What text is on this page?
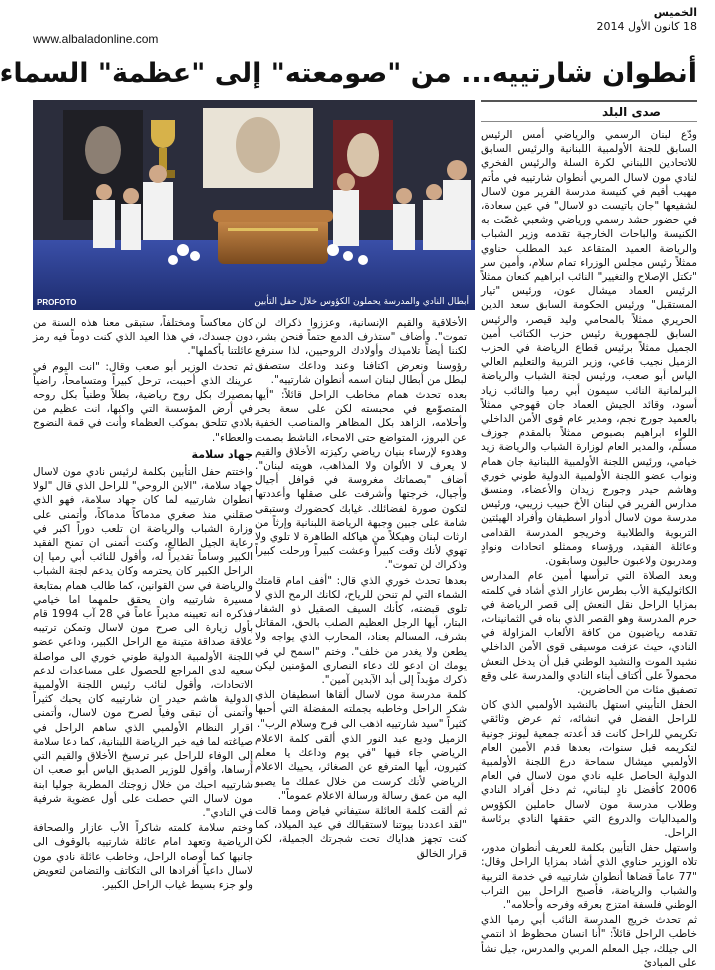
الخميس
18 كانون الأول 2014
www.albaladonline.com
أنطوان شارتييه... من "صومعته" إلى "عظمة" السماء
صدى البلد
PROFOTO	أبطال النادي والمدرسة يحملون الكؤوس خلال حفل التأبين

ودّع لبنان الرسمي والرياضي أمس الرئيس السابق للجنة الأولمبية اللبنانية والرئيس السابق للاتحادين اللبناني لكرة السلة والرئيس الفخري لنادي مون لاسال المربي أنطوان شارتييه في مأتم مهيب أقيم في كنيسة مدرسة الفرير مون لاسال لشفيعها "جان باتيست دو لاسال" في عين سعادة، في حضور حشد رسمي ورياضي وشعبي غصّت به الكنيسة والباحات الخارجية تقدمه وزير الشباب والرياضة العميد المتقاعد عبد المطلب حناوي ممثلاً رئيس مجلس الوزراء تمام سلام، وأمين سر "تكتل الإصلاح والتغيير" النائب ابراهيم كنعان ممثلاً الرئيس العماد ميشال عون، ورئيس "تيار المستقبل" ورئيس الحكومة السابق سعد الدين الحريري ممثلاً بالمحامي وليد قيصر، والرئيس السابق للجمهورية رئيس حزب الكتائب أمين الجميل ممثلاً برئيس قطاع الرياضة في الحزب الزميل نجيب قاعي، وزير التربية والتعليم العالي الياس أبو صعب، ورئيس لجنة الشباب والرياضة البرلمانية النائب سيمون أبي رميا والنائب زياد أسود، وقائد الجيش العماد جان قهوجي ممثلاً بالعميد جورج نجم، ومدير عام قوى الأمن الداخلي اللواء ابراهيم بصبوص ممثلاً بالمقدم جوزف مسلّم، والمدير العام لوزارة الشباب والرياضة زيد خيامي، ورئيس اللجنة الأولمبية اللبنانية جان همام ونواب عضو اللجنة الأولمبية الدولية طوني خوري وهاشم حيدر وجورج زيدان والأعضاء، ومنسق مدارس الفرير في لبنان الأخ حبيب زريبي، ورئيس مدرسة مون لاسال أدوار اسطيفان وأفراد الهيئتين التربوية والطلابية وخريجو المدرسة القدامى وعائلة الفقيد، ورؤساء وممثلو اتحادات ونوادٍ ومدربون ولاعبون حاليون وسابقون.

وبعد الصلاة التي ترأسها أمين عام المدارس الكاثوليكية الأب بطرس عازار الذي أشاد في كلمته بمزايا الراحل نقل النعش إلى قصر الرياضة في حرم المدرسة وهو القصر الذي بناه في الثمانينات، تقدمه رياضيون من كافة الألعاب المزاولة في النادي، حيث عزفت موسيقى قوى الأمن الداخلي نشيد الموت والنشيد الوطني قبل أن يدخل النعش محمولاً على أكتاف أبناء النادي والمدرسة على وقع تصفيق مئات من الحاضرين.

الحفل التأبيني استهل بالنشيد الأولمبي الذي كان للراحل الفضل في انشائه، ثم عرض وثائقي تكريمي للراحل كانت قد أعدته جمعية ليونز جونية لتكريمه قبل سنوات، بعدها قدم الأمين العام الأولمبي ميشال سماحة درع اللجنة الأولمبية الدولية الحاصل عليه نادي مون لاسال في العام 2006 كأفضل نادٍ لبناني، ثم دخل أفراد النادي وطلاب مدرسة مون لاسال حاملين الكؤوس والميداليات والدروع التي حققها النادي برئاسة الراحل.

واستهل حفل التأبين بكلمة للعريف أنطوان مدور، تلاه الوزير حناوي الذي أشاد بمزايا الراحل وقال: "77 عاماً قضاها أنطوان شارتييه في خدمة التربية والشباب والرياضة، فأصبح الراحل بين التراب الوطني فلسفة امتزج بعرقه وفرحه وأحلامه".

ثم تحدث خريج المدرسة النائب أبي رميا الذي خاطب الراحل قائلاً: "أنا انسان محظوظ اذ انتمي الى جيلك، جيل المعلم المربي والمدرس، جيل نشأ على المبادئ

الأخلاقية والقيم الإنسانية، وعززوا ذكراك لن تموت". وأضاف "ستذرف الدمع حتماً فنحن بشر، لكننا أيضاً تلاميذك وأولادك الروحيين، لذا سنرفع رؤوسنا ونعرض اكتافنا وعند وداعك ستصفق لبطل من أبطال لبنان اسمه أنطوان شارتييه".

بعده تحدث همام مخاطب الراحل قائلاً: "أيها المتصوّمع في محبسته لكن على سعة بحر وأحلامه، الزاهد بكل المظاهر والمناصب الخفية عن البروز، المتواضع حتى الامحاء، الناشط بصمت وهدوء لإرساء بنيان رياضي ركيزته الأخلاق والقيم لا يعرف لا الألوان ولا المذاهب، هويته لبنان". أضاف "بصماتك مغروسة في قوافل أجيال وأجيال، خرجتها وأشرفت على صقلها وأعددتها لتكون صورة لفضائلك. غيابك كحضورك وستبقى شامة على جبين وجبهة الرياضة اللبنانية وإرثاً من ارثات لبنان وهيكلاً من هياكله الطاهرة لا تلوي ولا تهوي لأنك وقت كبيراً وعشت كبيراً ورحلت كبيراً وذكراك لن تموت".

بعدها تحدث خوري الذي قال: "أفف امام قامتك الشماء التي لم تنحن للرياح، لكانك الرمح الذي لا تلوى قبضته، كأنك السيف الصقيل ذو الشفار البتار، أيها الرجل العظيم الصلب بالحق، المقاتل بشرف، المسالم بعناد، المحارب الذي يواجه ولا يطعن ولا يغدر من خلف". وختم "اسمح لي في يومك ان ادعو لك دعاء النصارى المؤمنين ليكن ذكرك مؤبداً إلى أبد الآبدين آمين".

كلمة مدرسة مون لاسال ألقاها اسطيفان الذي شكر الراحل وخاطبه بجملته المفضلة التي أحبها كثيراً "سيد شارتييه اذهب الى فرح وسلام الرب".

الزميل وديع عبد النور الذي ألقى كلمة الاعلام الرياضي جاء فيها "في يوم وداعك يا معلم كثيرون، أيها المترفع عن الصغائر، يحييك الاعلام الرياضي لأنك كرست من خلال عملك ما يصبو اليه من عمق رسالة ورسالة الاعلام عموماً".

ثم ألقت كلمة العائلة ستيفاني فياض ومما قالت "لقد اعددنا بيوتنا لاستقبالك في عيد الميلاد، كما كنت تجهز هداياك تحت شجرتك الجميلة، لكن قرار الخالق

كان معاكساً ومختلفاً، ستبقى معنا هذه السنة من دون جسدك، في هذا العيد الذي كنت دوماً فيه رمز عائلتنا بأكملها".

ثم تحدث الوزير أبو صعب وقال: "انت اليوم في عرينك الذي أحببت، ترحل كبيراً ومتسامحاً، راضياً بمصيرك بكل روح رياضية، بطلاً وطنياً بكل روحه في أرض المؤسسة التي واكبها، انت عظيم من بلادي تتلحق بموكب العظماء وأنت في قمة النضوج والعطاء".

جهاد سلامة

واختتم حفل التأبين بكلمة لرئيس نادي مون لاسال جهاد سلامة، "الابن الروحي" للراحل الذي قال "لولا انطوان شارتييه لما كان جهاد سلامة، فهو الذي صقلني منذ صغري مدماكاً مدماكاً، وأتمنى على وزارة الشباب والرياضة ان تلعب دوراً اكبر في رعاية الجيل الطالع، وكنت أتمنى ان تمنح الفقيد الكبير وساماً تقديراً له، وأقول للنائب أبي رميا إن الراحل الكبير كان يحترمه وكان يدعم لجنة الشباب والرياضة في سن القوانين، كما طالب همام بمتابعة مسيرة شارتييه وان يحقق حلمهما اما خيامي فذكره انه تعيينه مديراً عاماً في 28 آب 1994 قام بأول زيارة الى صرح مون لاسال وتمكن ترتيبه علاقة صداقة متينة مع الراحل الكبير، وداعي عضو اللجنة الأولمبية الدولية طوني خوري الى مواصلة سعيه لدى المراجع للحصول على مساعدات لدعم الاتحادات، وأقول لنائب رئيس اللجنة الأولمبية الدولية هاشم حيدر ان شارتييه كان يحبك كثيراً وأتمنى أن تبقى وفياً لصرح مون لاسال، وأتمنى اقرار النظام الأولمبي الذي ساهم الراحل في صياغته لما فيه خير الرياضة اللبنانية، كما دعا سلامة إلى الوفاء للراحل عبر ترسيخ الأخلاق والقيم التي أرساها، وأقول للوزير الصديق الياس أبو صعب ان شارتييه احبك من خلال زوجتك المطربة جوليا ابنة مون لاسال التي حصلت على أول عضوية شرفية في النادي".

وختم سلامة كلمته شاكراً الأب عازار والصحافة الرياضية وتعهد امام عائلة شارتييه بالوقوف الى جانبها كما أوصاه الراحل، وخاطب عائلة نادي مون لاسال داعياً أفرادها الى التكاتف والتضامن لتعويض ولو جزء بسيط غياب الراحل الكبير.
